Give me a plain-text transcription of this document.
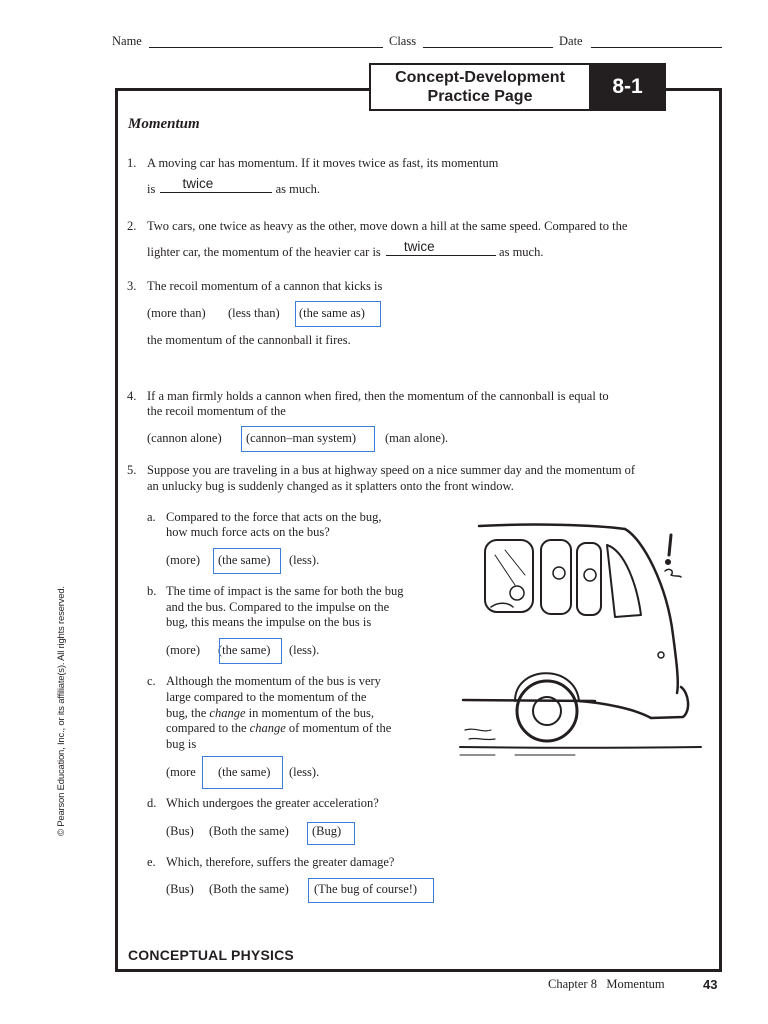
Name	Class	Date
Concept-Development
Practice Page	8-1
Momentum
1. A moving car has momentum. If it moves twice as fast, its momentum
is twice	as much.
2. Two cars, one twice as heavy as the other, move down a hill at the same speed. Compared to the
lighter car, the momentum of the heavier car is twice	as much.
3. The recoil momentum of a cannon that kicks is
(more than) (less than) (the same as)
the momentum of the cannonball it fires.
4. If a man firmly holds a cannon when fired, then the momentum of the cannonball is equal to
the recoil momentum of the
(cannon alone) (cannon–man system) (man alone).
5. Suppose you are traveling in a bus at highway speed on a nice summer day and the momentum of
an unlucky bug is suddenly changed as it splatters onto the front window.
a. Compared to the force that acts on the bug,
how much force acts on the bus?
(more) (the same) (less).
b. The time of impact is the same for both the bug
and the bus. Compared to the impulse on the
bug, this means the impulse on the bus is
(more) (the same) (less).
c. Although the momentum of the bus is very
large compared to the momentum of the
bug, the change in momentum of the bus,
compared to the change of momentum of the
bug is
(more (the same) (less).
d. Which undergoes the greater acceleration?
(Bus) (Both the same) (Bug)
e. Which, therefore, suffers the greater damage?
(Bus) (Both the same) (The bug of course!)
CONCEPTUAL PHYSICS
Chapter 8 Momentum	43
© Pearson Education, Inc., or its affiliate(s). All rights reserved.
